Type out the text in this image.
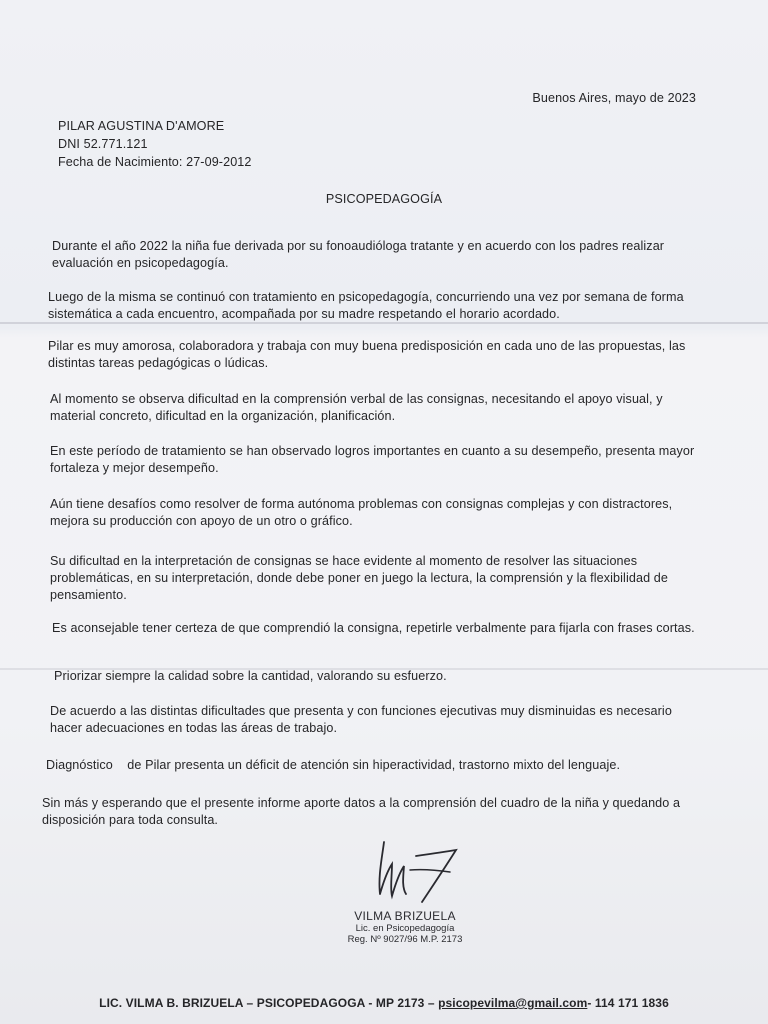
Buenos Aires, mayo de 2023
PILAR AGUSTINA D'AMORE
DNI 52.771.121
Fecha de Nacimiento: 27-09-2012
PSICOPEDAGOGÍA
Durante el año 2022 la niña fue derivada por su fonoaudióloga tratante y en acuerdo con los padres realizar evaluación en psicopedagogía.
Luego de la misma se continuó con tratamiento en psicopedagogía, concurriendo una vez por semana de forma sistemática a cada encuentro, acompañada por su madre respetando el horario acordado.
Pilar es muy amorosa, colaboradora y trabaja con muy buena predisposición en cada uno de las propuestas, las distintas tareas pedagógicas o lúdicas.
Al momento se observa dificultad en la comprensión verbal de las consignas, necesitando el apoyo visual, y material concreto, dificultad en la organización, planificación.
En este período de tratamiento se han observado logros importantes en cuanto a su desempeño, presenta mayor fortaleza y mejor desempeño.
Aún tiene desafíos como resolver de forma autónoma problemas con consignas complejas y con distractores, mejora su producción con apoyo de un otro o gráfico.
Su dificultad en la interpretación de consignas se hace evidente al momento de resolver las situaciones problemáticas, en su interpretación, donde debe poner en juego la lectura, la comprensión y la flexibilidad de pensamiento.
Es aconsejable tener certeza de que comprendió la consigna, repetirle verbalmente para fijarla con frases cortas.
Priorizar siempre la calidad sobre la cantidad, valorando su esfuerzo.
De acuerdo a las distintas dificultades que presenta y con funciones ejecutivas muy disminuidas es necesario hacer adecuaciones en todas las áreas de trabajo.
Diagnóstico    de Pilar presenta un déficit de atención sin hiperactividad, trastorno mixto del lenguaje.
Sin más y esperando que el presente informe aporte datos a la comprensión del cuadro de la niña y quedando a disposición para toda consulta.
VILMA BRIZUELA
Lic. en Psicopedagogía
Reg. Nº 9027/96 M.P. 2173
LIC. VILMA B. BRIZUELA – PSICOPEDAGOGA - MP 2173 – psicopevilma@gmail.com- 114 171 1836
